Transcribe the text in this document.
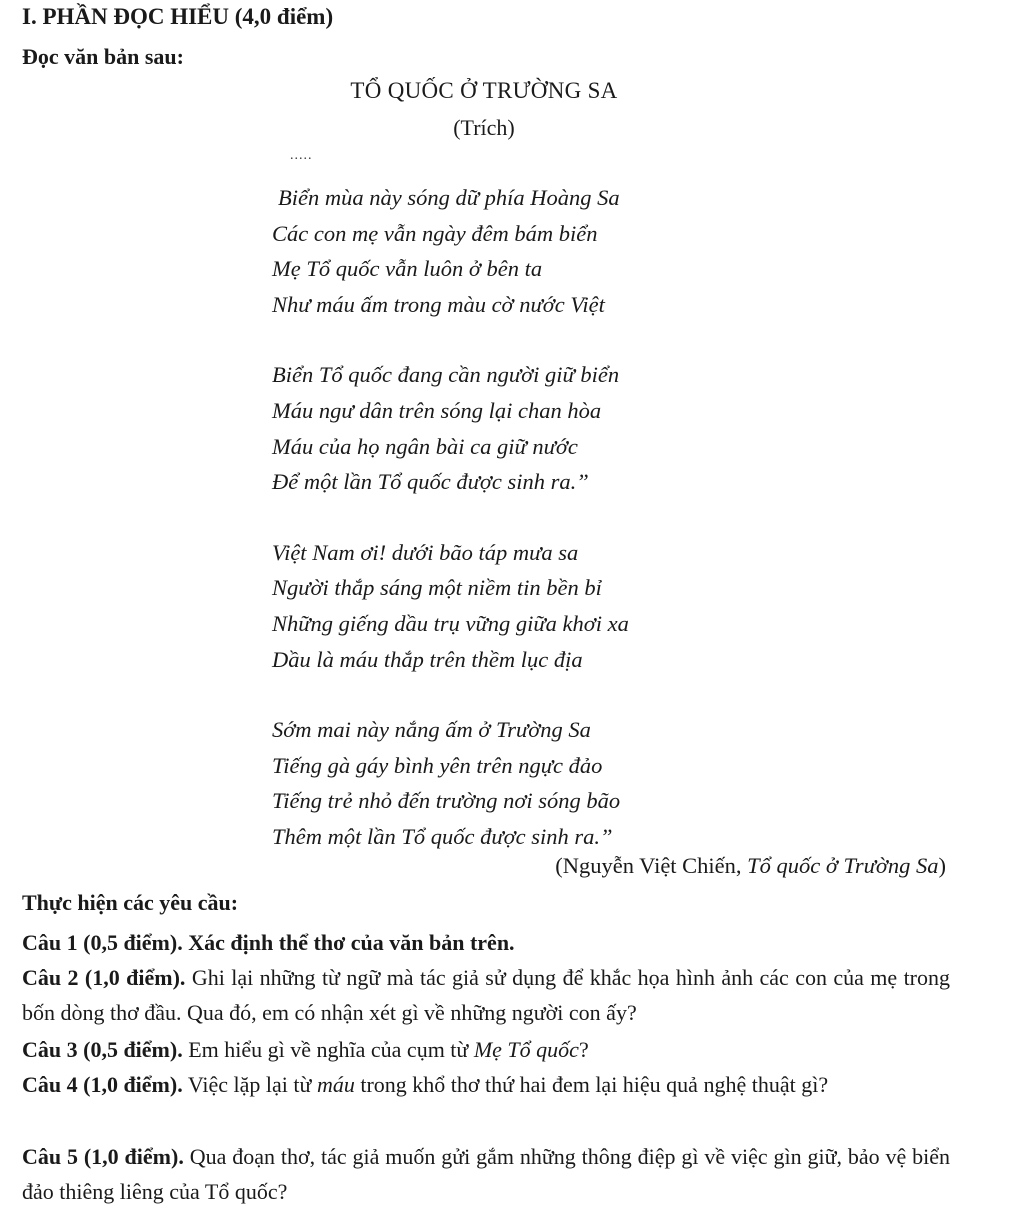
I. PHẦN ĐỌC HIỂU (4,0 điểm)
Đọc văn bản sau:
TỔ QUỐC Ở TRƯỜNG SA
(Trích)
.....
Biển mùa này sóng dữ phía Hoàng Sa
Các con mẹ vẫn ngày đêm bám biển
Mẹ Tổ quốc vẫn luôn ở bên ta
Như máu ấm trong màu cờ nước Việt
Biển Tổ quốc đang cần người giữ biển
Máu ngư dân trên sóng lại chan hòa
Máu của họ ngân bài ca giữ nước
Để một lần Tổ quốc được sinh ra.”
Việt Nam ơi! dưới bão táp mưa sa
Người thắp sáng một niềm tin bền bỉ
Những giếng dầu trụ vững giữa khơi xa
Dầu là máu thắp trên thềm lục địa
Sớm mai này nắng ấm ở Trường Sa
Tiếng gà gáy bình yên trên ngực đảo
Tiếng trẻ nhỏ đến trường nơi sóng bão
Thêm một lần Tổ quốc được sinh ra.”
(Nguyễn Việt Chiến, Tổ quốc ở Trường Sa)
Thực hiện các yêu cầu:
Câu 1 (0,5 điểm). Xác định thể thơ của văn bản trên.
Câu 2 (1,0 điểm). Ghi lại những từ ngữ mà tác giả sử dụng để khắc họa hình ảnh các con của mẹ trong bốn dòng thơ đầu. Qua đó, em có nhận xét gì về những người con ấy?
Câu 3 (0,5 điểm). Em hiểu gì về nghĩa của cụm từ Mẹ Tổ quốc?
Câu 4 (1,0 điểm). Việc lặp lại từ máu trong khổ thơ thứ hai đem lại hiệu quả nghệ thuật gì?
Câu 5 (1,0 điểm). Qua đoạn thơ, tác giả muốn gửi gắm những thông điệp gì về việc gìn giữ, bảo vệ biển đảo thiêng liêng của Tổ quốc?
